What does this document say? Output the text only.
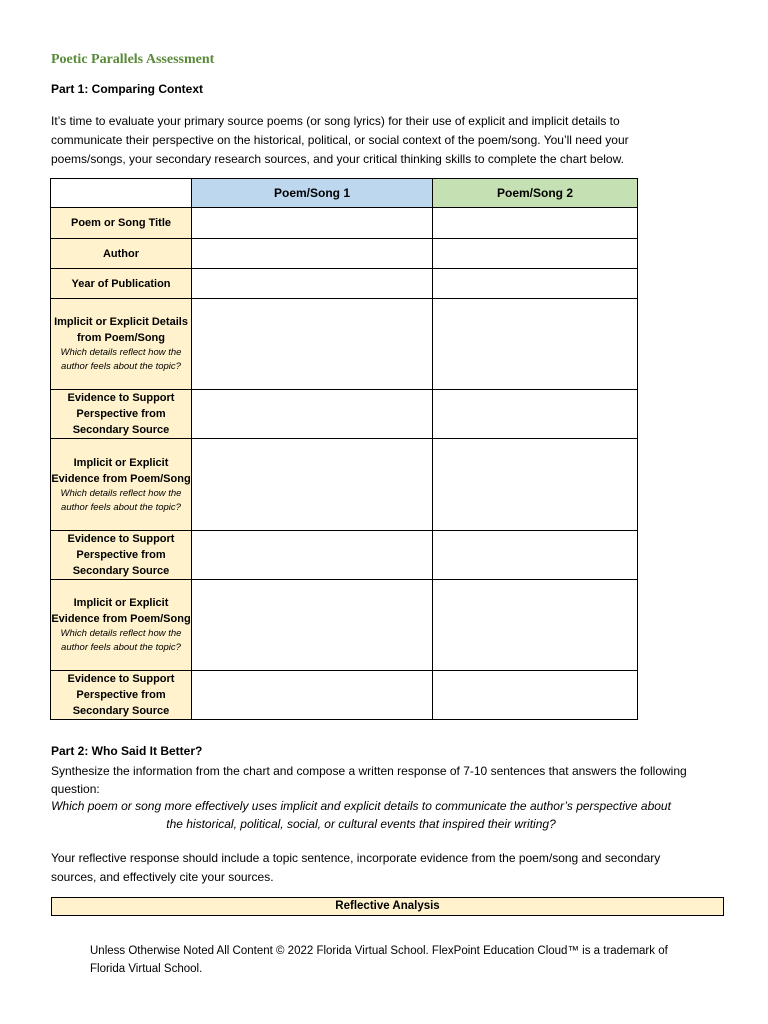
Poetic Parallels Assessment
Part 1: Comparing Context
It’s time to evaluate your primary source poems (or song lyrics) for their use of explicit and implicit details to communicate their perspective on the historical, political, or social context of the poem/song. You’ll need your poems/songs, your secondary research sources, and your critical thinking skills to complete the chart below.
	Poem/Song 1	Poem/Song 2
Poem or Song Title		
Author		
Year of Publication		
Implicit or Explicit Details from Poem/Song
Which details reflect how the author feels about the topic?		

Evidence to Support Perspective from Secondary Source		
Implicit or Explicit Evidence from Poem/Song
Which details reflect how the author feels about the topic?		

Evidence to Support Perspective from Secondary Source		
Implicit or Explicit Evidence from Poem/Song
Which details reflect how the author feels about the topic?		

Evidence to Support Perspective from Secondary Source		
Part 2: Who Said It Better?
Synthesize the information from the chart and compose a written response of 7-10 sentences that answers the following question:
Which poem or song more effectively uses implicit and explicit details to communicate the author’s perspective about the historical, political, social, or cultural events that inspired their writing?
Your reflective response should include a topic sentence, incorporate evidence from the poem/song and secondary sources, and effectively cite your sources.
Reflective Analysis
Unless Otherwise Noted All Content © 2022 Florida Virtual School. FlexPoint Education Cloud™ is a trademark of Florida Virtual School.
